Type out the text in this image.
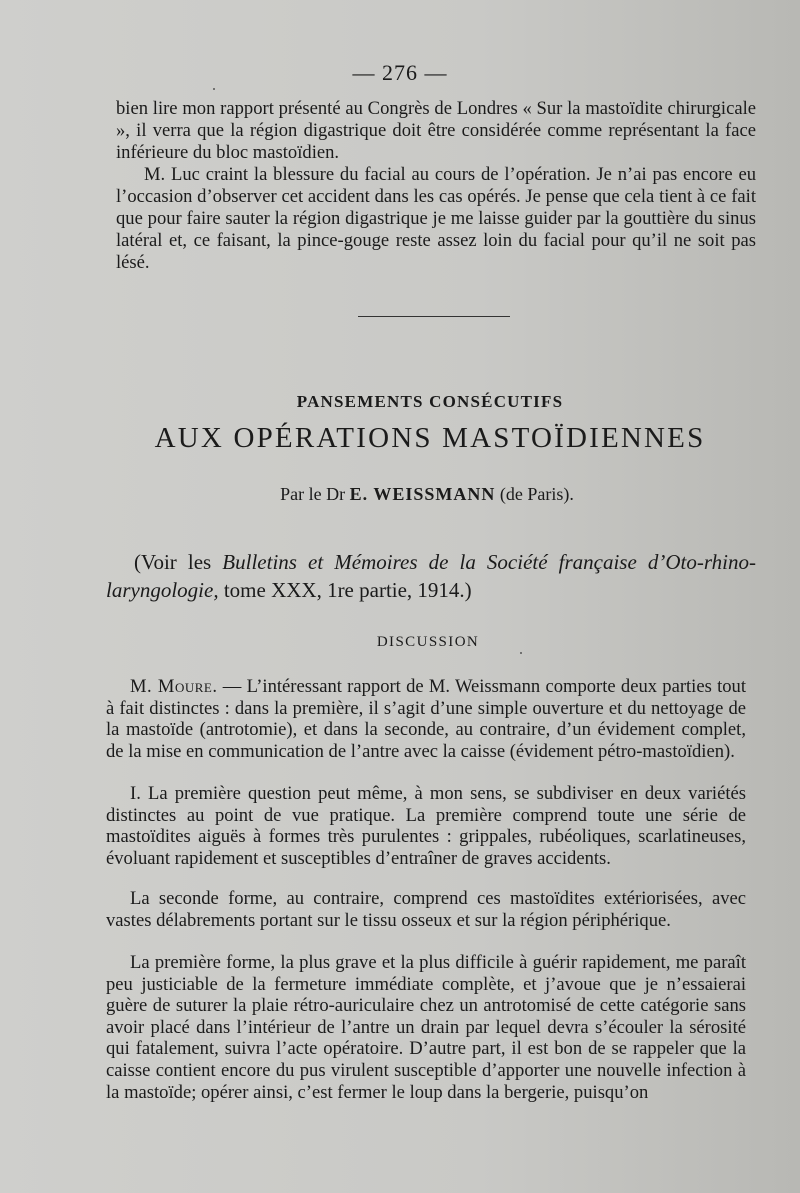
— 276 —

bien lire mon rapport présenté au Congrès de Londres « Sur la mastoïdite chirurgicale », il verra que la région digastrique doit être considérée comme représentant la face inférieure du bloc mastoïdien.

M. Luc craint la blessure du facial au cours de l’opération. Je n’ai pas encore eu l’occasion d’observer cet accident dans les cas opérés. Je pense que cela tient à ce fait que pour faire sauter la région digastrique je me laisse guider par la gouttière du sinus latéral et, ce faisant, la pince-gouge reste assez loin du facial pour qu’il ne soit pas lésé.

PANSEMENTS CONSÉCUTIFS
AUX OPÉRATIONS MASTOÏDIENNES
Par le Dr E. WEISSMANN (de Paris).

(Voir les Bulletins et Mémoires de la Société française d’Oto-rhino-laryngologie, tome XXX, 1re partie, 1914.)

DISCUSSION

M. Moure. — L’intéressant rapport de M. Weissmann comporte deux parties tout à fait distinctes : dans la première, il s’agit d’une simple ouverture et du nettoyage de la mastoïde (antrotomie), et dans la seconde, au contraire, d’un évidement complet, de la mise en communication de l’antre avec la caisse (évidement pétro-mastoïdien).

I. La première question peut même, à mon sens, se subdiviser en deux variétés distinctes au point de vue pratique. La première comprend toute une série de mastoïdites aiguës à formes très purulentes : grippales, rubéoliques, scarlatineuses, évoluant rapidement et susceptibles d’entraîner de graves accidents.

La seconde forme, au contraire, comprend ces mastoïdites extériorisées, avec vastes délabrements portant sur le tissu osseux et sur la région périphérique.

La première forme, la plus grave et la plus difficile à guérir rapidement, me paraît peu justiciable de la fermeture immédiate complète, et j’avoue que je n’essaierai guère de suturer la plaie rétro-auriculaire chez un antrotomisé de cette catégorie sans avoir placé dans l’intérieur de l’antre un drain par lequel devra s’écouler la sérosité qui fatalement, suivra l’acte opératoire. D’autre part, il est bon de se rappeler que la caisse contient encore du pus virulent susceptible d’apporter une nouvelle infection à la mastoïde; opérer ainsi, c’est fermer le loup dans la bergerie, puisqu’on
